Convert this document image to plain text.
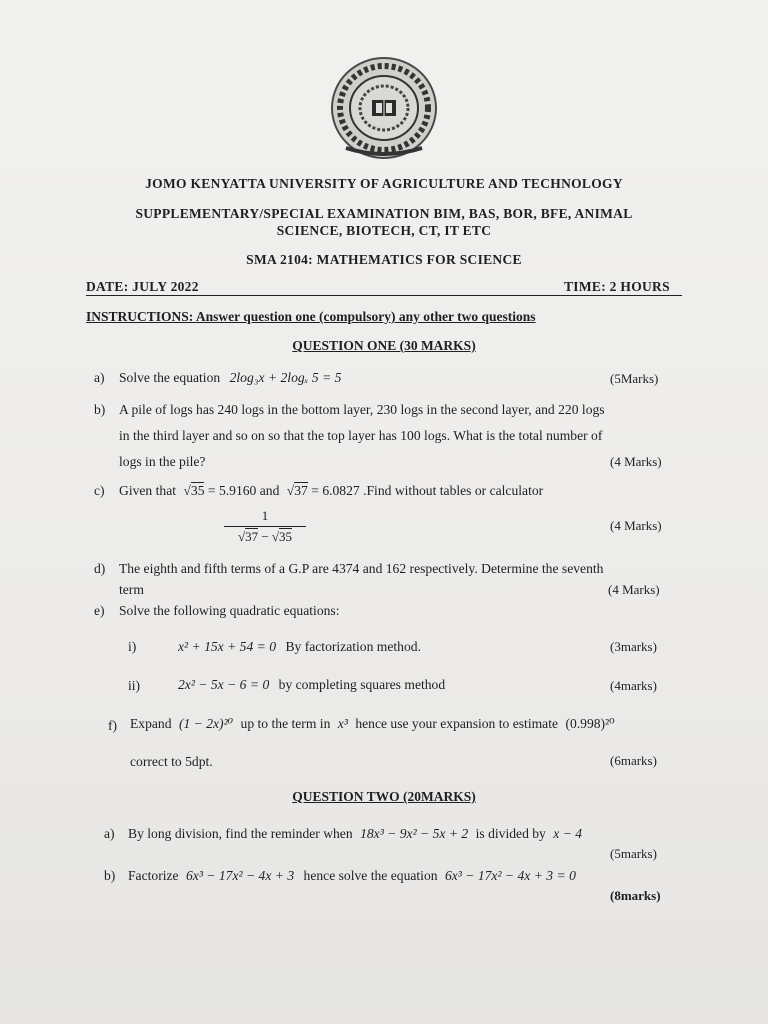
JOMO KENYATTA UNIVERSITY OF AGRICULTURE AND TECHNOLOGY
SUPPLEMENTARY/SPECIAL EXAMINATION BIM, BAS, BOR, BFE, ANIMAL
SCIENCE, BIOTECH, CT, IT ETC
SMA 2104: MATHEMATICS FOR SCIENCE
DATE: JULY 2022	TIME: 2 HOURS
INSTRUCTIONS: Answer question one (compulsory) any other two questions
QUESTION ONE (30 MARKS)
a) Solve the equation 2log₃x + 2logₓ 5 = 5	(5Marks)
b) A pile of logs has 240 logs in the bottom layer, 230 logs in the second layer, and 220 logs
in the third layer and so on so that the top layer has 100 logs. What is the total number of
logs in the pile?	(4 Marks)
c) Given that √35 = 5.9160 and √37 = 6.0827 .Find without tables or calculator
$\frac{1}{√37 - √35}$	(4 Marks)
d) The eighth and fifth terms of a G.P are 4374 and 162 respectively. Determine the seventh
term	(4 Marks)
e) Solve the following quadratic equations:
i)	x² + 15x + 54 = 0 By factorization method.	(3marks)
ii)	2x² − 5x − 6 = 0 by completing squares method	(4marks)
f) Expand (1 − 2x)²⁰ up to the term in x³ hence use your expansion to estimate (0.998)²⁰
correct to 5dpt.	(6marks)
QUESTION TWO (20MARKS)
a) By long division, find the reminder when 18x³ − 9x² − 5x + 2 is divided by x − 4
(5marks)
b) Factorize 6x³ − 17x² − 4x + 3 hence solve the equation 6x³ − 17x² − 4x + 3 = 0
(8marks)
